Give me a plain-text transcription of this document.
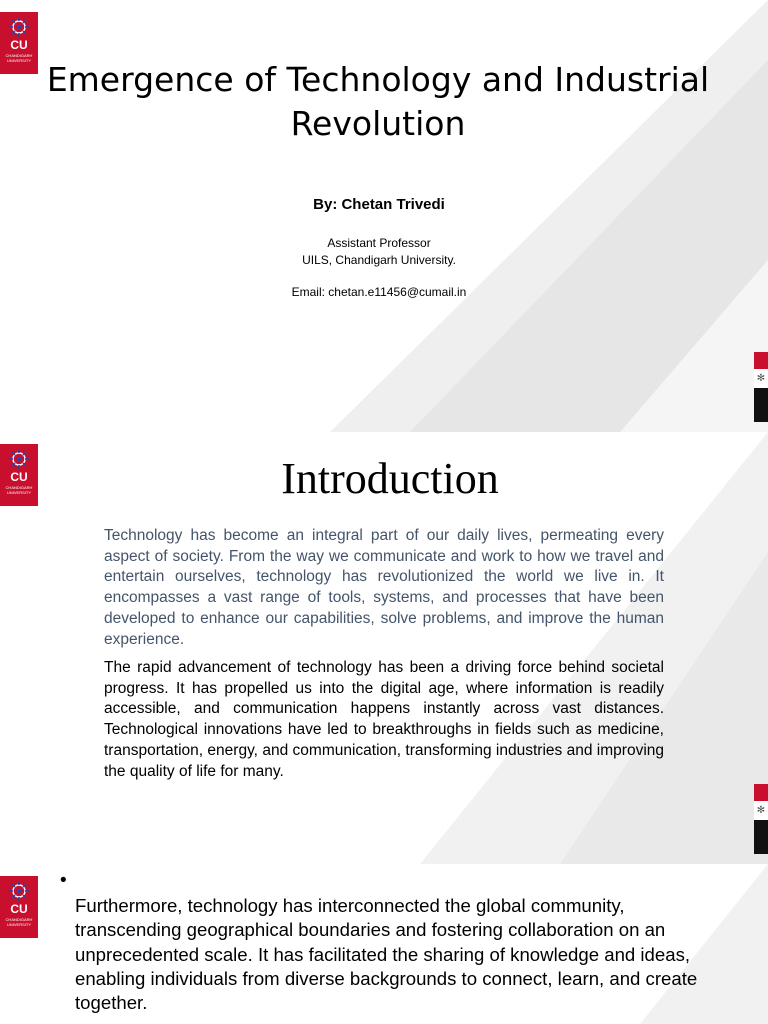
CU
CHANDIGARH UNIVERSITY Emergence of Technology and Industrial Revolution
By: Chetan Trivedi
Assistant Professor
UILS, Chandigarh University.
Email: chetan.e11456@cumail.in
✻
CU
CHANDIGARH UNIVERSITY
✻
Introduction

Technology has become an integral part of our daily lives, permeating every aspect of society. From the way we communicate and work to how we travel and entertain ourselves, technology has revolutionized the world we live in. It encompasses a vast range of tools, systems, and processes that have been developed to enhance our capabilities, solve problems, and improve the human experience.

The rapid advancement of technology has been a driving force behind societal progress. It has propelled us into the digital age, where information is readily accessible, and communication happens instantly across vast distances. Technological innovations have led to breakthroughs in fields such as medicine, transportation, energy, and communication, transforming industries and improving the quality of life for many.

CU
CHANDIGARH UNIVERSITY
•

Furthermore, technology has interconnected the global community, transcending geographical boundaries and fostering collaboration on an unprecedented scale. It has facilitated the sharing of knowledge and ideas, enabling individuals from diverse backgrounds to connect, learn, and create together.
